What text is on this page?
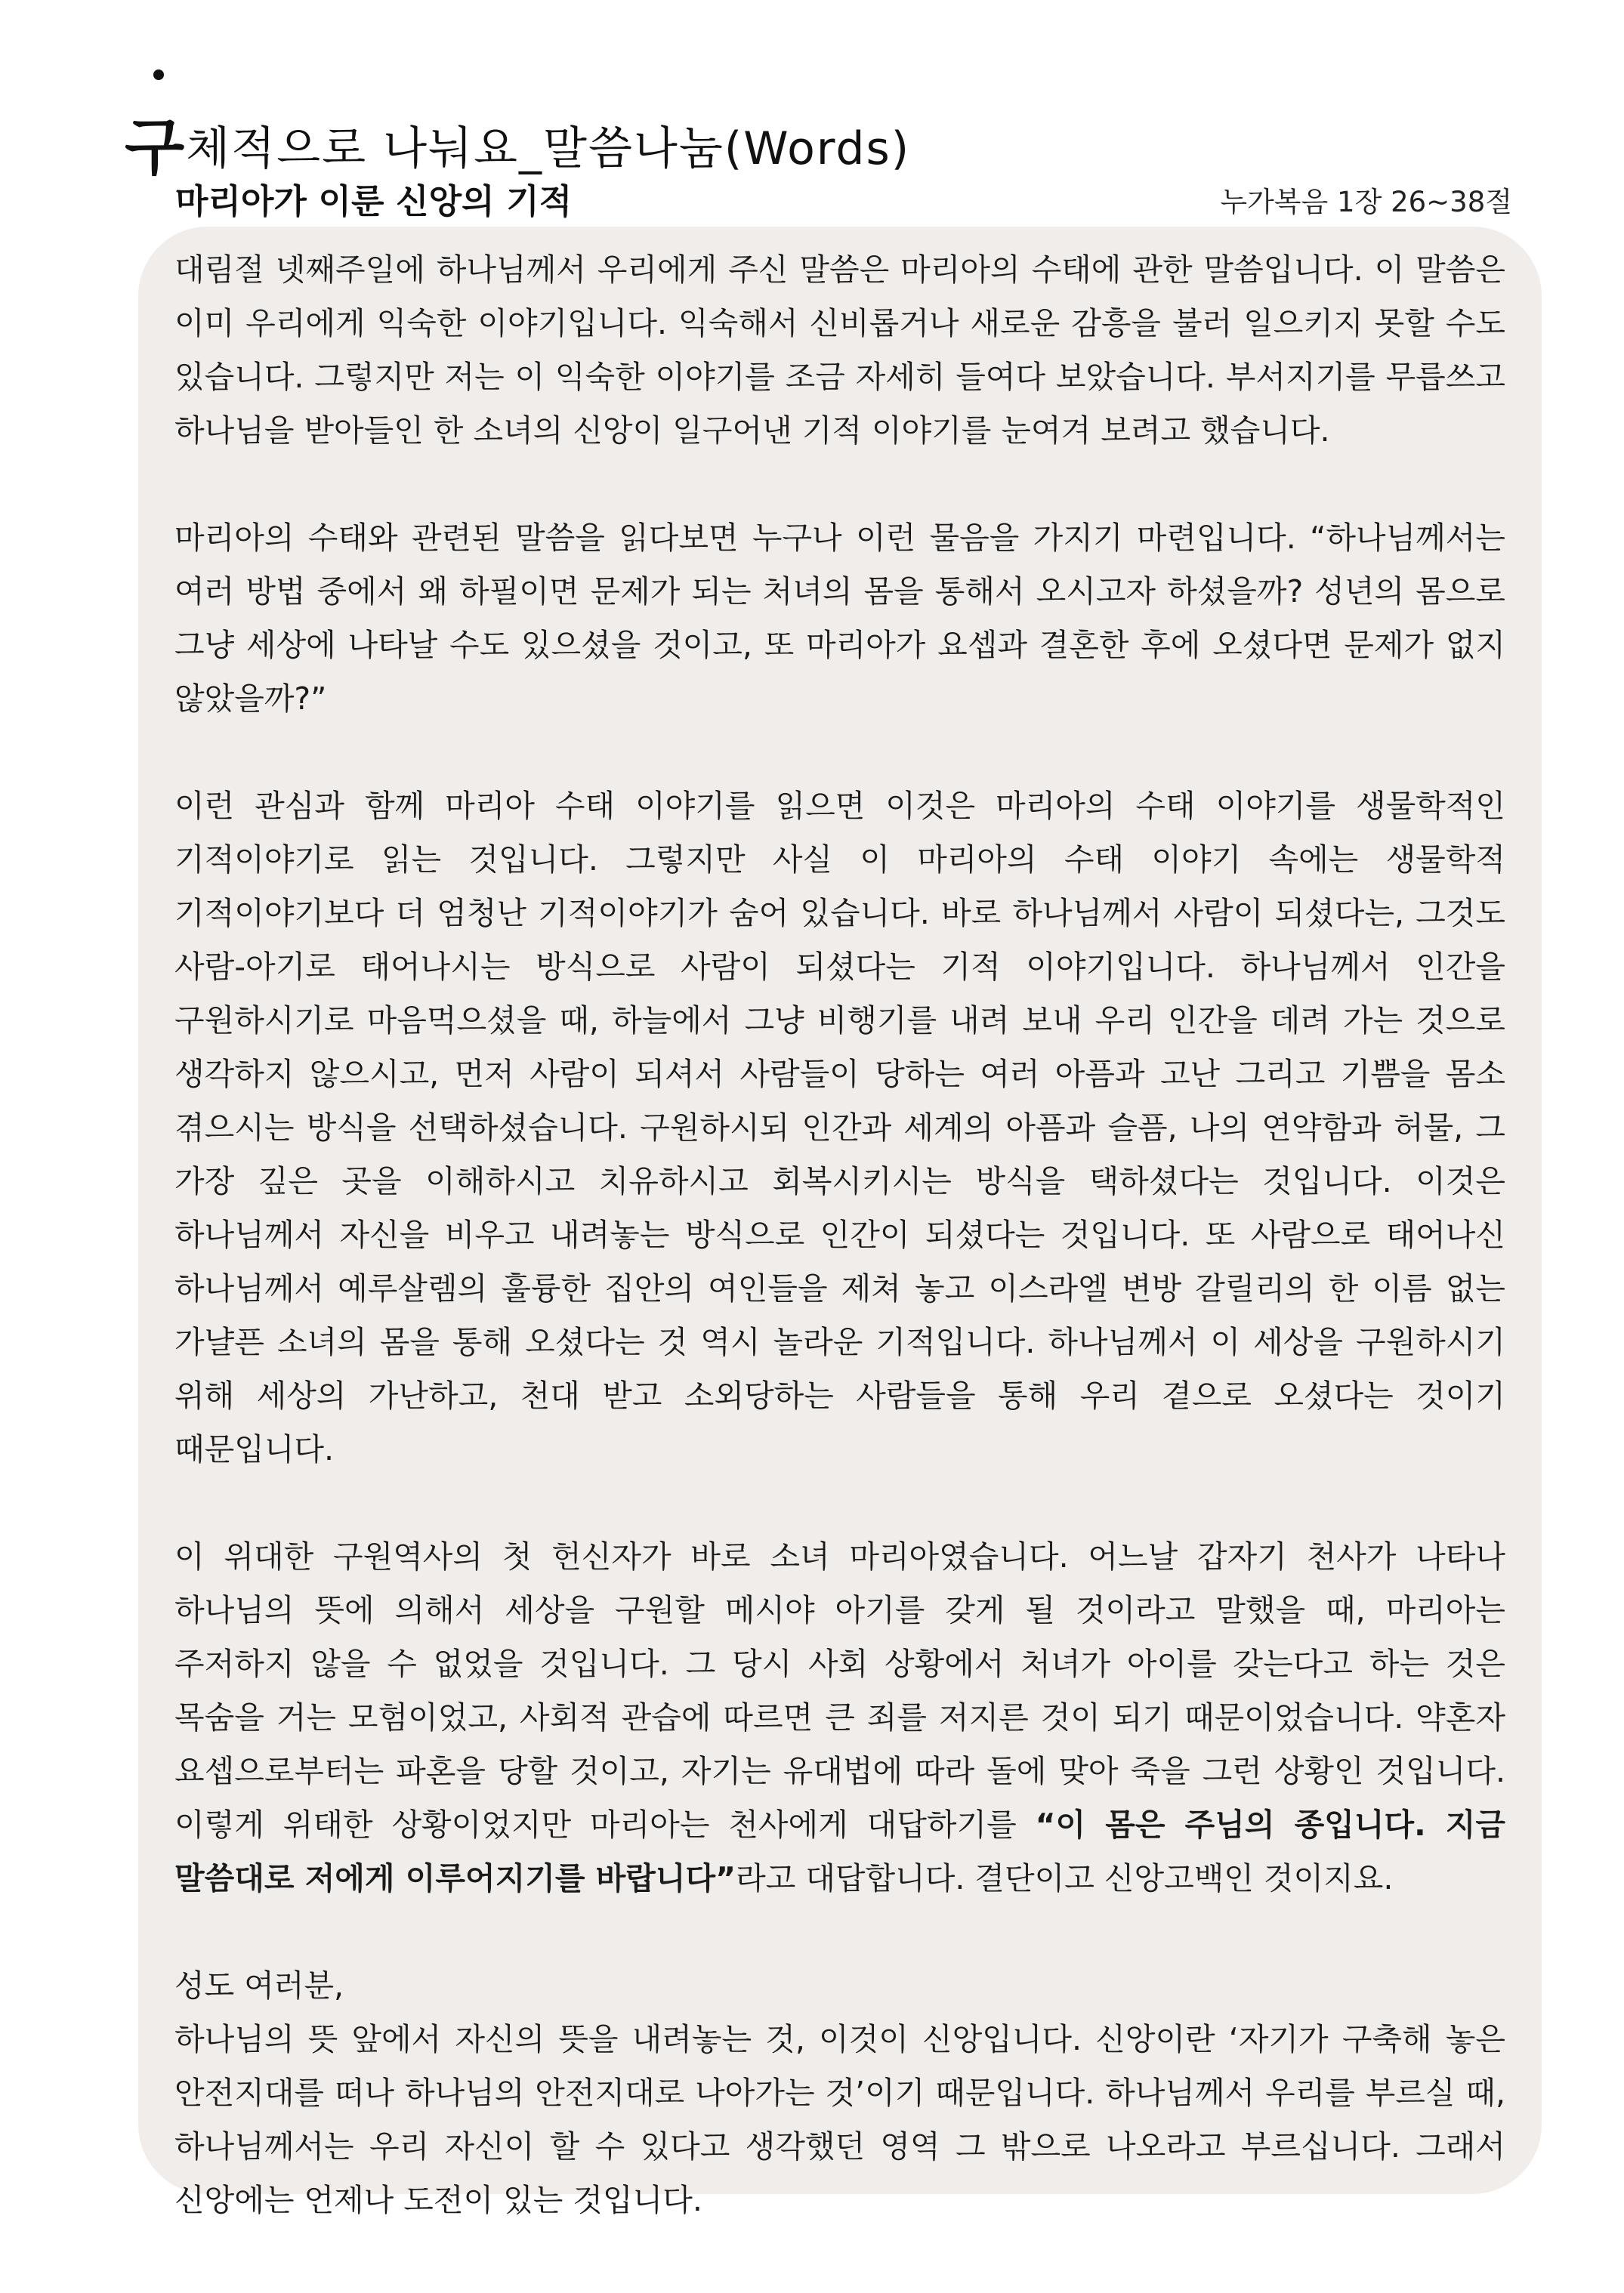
구체적으로 나눠요_말씀나눔(Words)
마리아가 이룬 신앙의 기적	누가복음 1장 26~38절

대림절 넷째주일에 하나님께서 우리에게 주신 말씀은 마리아의 수태에 관한 말씀입니다. 이 말씀은 이미 우리에게 익숙한 이야기입니다. 익숙해서 신비롭거나 새로운 감흥을 불러 일으키지 못할 수도 있습니다. 그렇지만 저는 이 익숙한 이야기를 조금 자세히 들여다 보았습니다. 부서지기를 무릅쓰고 하나님을 받아들인 한 소녀의 신앙이 일구어낸 기적 이야기를 눈여겨 보려고 했습니다.

마리아의 수태와 관련된 말씀을 읽다보면 누구나 이런 물음을 가지기 마련입니다. “하나님께서는 여러 방법 중에서 왜 하필이면 문제가 되는 처녀의 몸을 통해서 오시고자 하셨을까? 성년의 몸으로 그냥 세상에 나타날 수도 있으셨을 것이고, 또 마리아가 요셉과 결혼한 후에 오셨다면 문제가 없지 않았을까?”

이런 관심과 함께 마리아 수태 이야기를 읽으면 이것은 마리아의 수태 이야기를 생물학적인 기적이야기로 읽는 것입니다. 그렇지만 사실 이 마리아의 수태 이야기 속에는 생물학적 기적이야기보다 더 엄청난 기적이야기가 숨어 있습니다. 바로 하나님께서 사람이 되셨다는, 그것도 사람-아기로 태어나시는 방식으로 사람이 되셨다는 기적 이야기입니다. 하나님께서 인간을 구원하시기로 마음먹으셨을 때, 하늘에서 그냥 비행기를 내려 보내 우리 인간을 데려 가는 것으로 생각하지 않으시고, 먼저 사람이 되셔서 사람들이 당하는 여러 아픔과 고난 그리고 기쁨을 몸소 겪으시는 방식을 선택하셨습니다. 구원하시되 인간과 세계의 아픔과 슬픔, 나의 연약함과 허물, 그 가장 깊은 곳을 이해하시고 치유하시고 회복시키시는 방식을 택하셨다는 것입니다. 이것은 하나님께서 자신을 비우고 내려놓는 방식으로 인간이 되셨다는 것입니다. 또 사람으로 태어나신 하나님께서 예루살렘의 훌륭한 집안의 여인들을 제쳐 놓고 이스라엘 변방 갈릴리의 한 이름 없는 가냘픈 소녀의 몸을 통해 오셨다는 것 역시 놀라운 기적입니다. 하나님께서 이 세상을 구원하시기 위해 세상의 가난하고, 천대 받고 소외당하는 사람들을 통해 우리 곁으로 오셨다는 것이기 때문입니다.

이 위대한 구원역사의 첫 헌신자가 바로 소녀 마리아였습니다. 어느날 갑자기 천사가 나타나 하나님의 뜻에 의해서 세상을 구원할 메시야 아기를 갖게 될 것이라고 말했을 때, 마리아는 주저하지 않을 수 없었을 것입니다. 그 당시 사회 상황에서 처녀가 아이를 갖는다고 하는 것은 목숨을 거는 모험이었고, 사회적 관습에 따르면 큰 죄를 저지른 것이 되기 때문이었습니다. 약혼자 요셉으로부터는 파혼을 당할 것이고, 자기는 유대법에 따라 돌에 맞아 죽을 그런 상황인 것입니다. 이렇게 위태한 상황이었지만 마리아는 천사에게 대답하기를 “이 몸은 주님의 종입니다. 지금 말씀대로 저에게 이루어지기를 바랍니다”라고 대답합니다. 결단이고 신앙고백인 것이지요.

성도 여러분,

하나님의 뜻 앞에서 자신의 뜻을 내려놓는 것, 이것이 신앙입니다. 신앙이란 ‘자기가 구축해 놓은 안전지대를 떠나 하나님의 안전지대로 나아가는 것’이기 때문입니다. 하나님께서 우리를 부르실 때, 하나님께서는 우리 자신이 할 수 있다고 생각했던 영역 그 밖으로 나오라고 부르십니다. 그래서 신앙에는 언제나 도전이 있는 것입니다.
